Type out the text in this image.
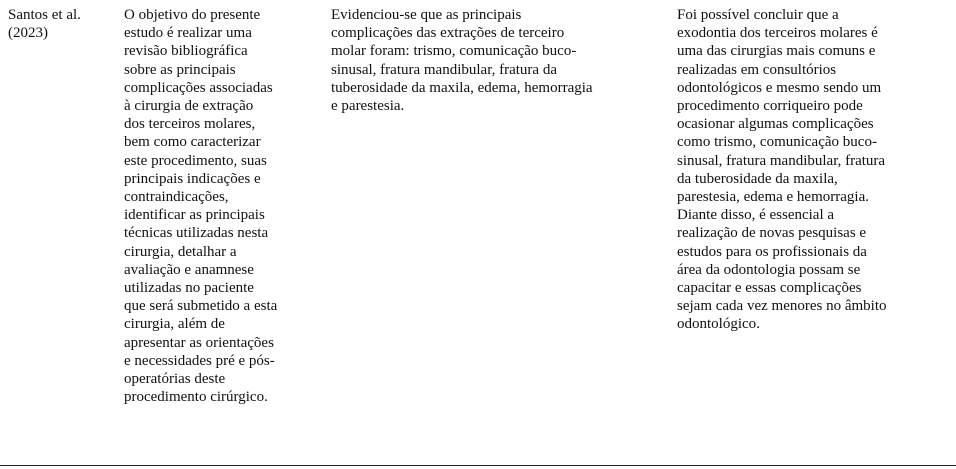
Santos et al.
(2023)

O objetivo do presente
estudo é realizar uma
revisão bibliográfica
sobre as principais
complicações associadas
à cirurgia de extração
dos terceiros molares,
bem como caracterizar
este procedimento, suas
principais indicações e
contraindicações,
identificar as principais
técnicas utilizadas nesta
cirurgia, detalhar a
avaliação e anamnese
utilizadas no paciente
que será submetido a esta
cirurgia, além de
apresentar as orientações
e necessidades pré e pós-
operatórias deste
procedimento cirúrgico.

Evidenciou-se que as principais
complicações das extrações de terceiro
molar foram: trismo, comunicação buco-
sinusal, fratura mandibular, fratura da
tuberosidade da maxila, edema, hemorragia
e parestesia.

Foi possível concluir que a
exodontia dos terceiros molares é
uma das cirurgias mais comuns e
realizadas em consultórios
odontológicos e mesmo sendo um
procedimento corriqueiro pode
ocasionar algumas complicações
como trismo, comunicação buco-
sinusal, fratura mandibular, fratura
da tuberosidade da maxila,
parestesia, edema e hemorragia.
Diante disso, é essencial a
realização de novas pesquisas e
estudos para os profissionais da
área da odontologia possam se
capacitar e essas complicações
sejam cada vez menores no âmbito
odontológico.
